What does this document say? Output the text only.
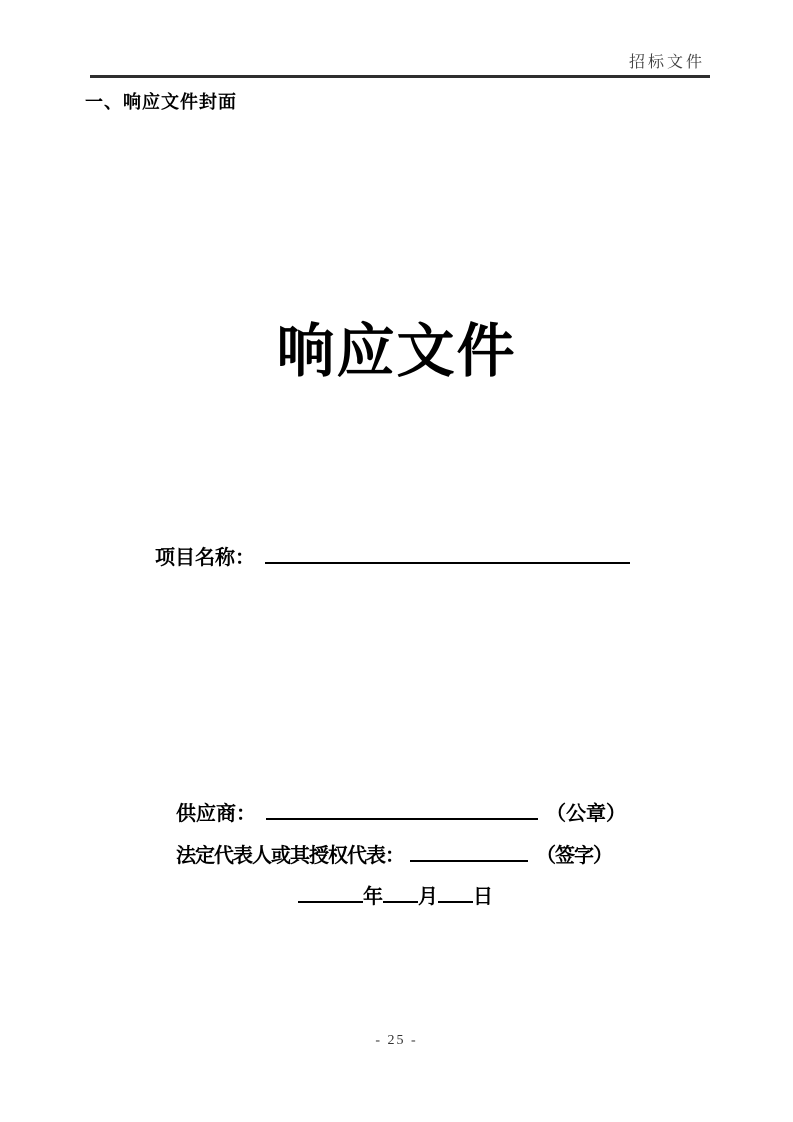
招标文件
一、响应文件封面
响应文件
项目名称：
供应商：	（公章）
法定代表人或其授权代表：	（签字）
年 月 日
- 25 -
